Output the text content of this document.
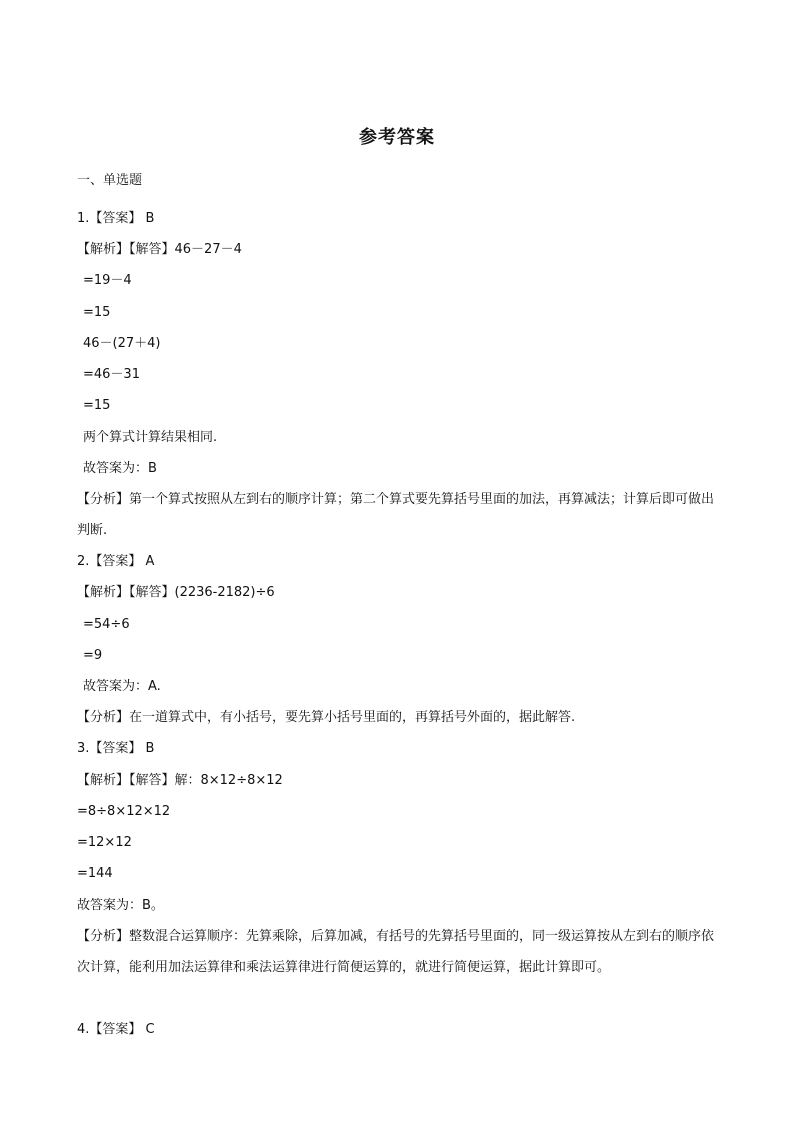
参考答案
一、单选题
1.【答案】 B
【解析】【解答】46－27－4
=19－4
=15
46－(27＋4)
=46－31
=15
两个算式计算结果相同.
故答案为：B
【分析】第一个算式按照从左到右的顺序计算；第二个算式要先算括号里面的加法，再算减法；计算后即可做出判断.
2.【答案】 A
【解析】【解答】(2236-2182)÷6
=54÷6
=9
故答案为：A.
【分析】在一道算式中，有小括号，要先算小括号里面的，再算括号外面的，据此解答.
3.【答案】 B
【解析】【解答】解：8×12÷8×12
=8÷8×12×12
=12×12
=144
故答案为：B。
【分析】整数混合运算顺序：先算乘除，后算加减，有括号的先算括号里面的，同一级运算按从左到右的顺序依次计算，能利用加法运算律和乘法运算律进行简便运算的，就进行简便运算，据此计算即可。
4.【答案】 C
